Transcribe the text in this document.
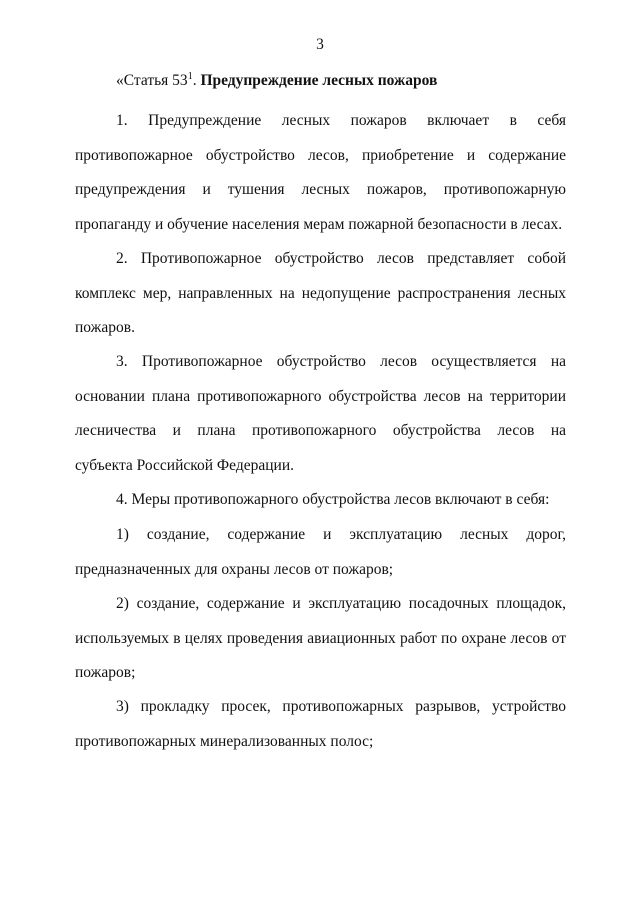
3
«Статья $53^1$. Предупреждение лесных пожаров
1. Предупреждение лесных пожаров включает в себя
противопожарное обустройство лесов, приобретение и содержание
предупреждения и тушения лесных пожаров, противопожарную
пропаганду и обучение населения мерам пожарной безопасности в лесах.
2. Противопожарное обустройство лесов представляет собой
комплекс мер, направленных на недопущение распространения лесных
пожаров.
3. Противопожарное обустройство лесов осуществляется на
основании плана противопожарного обустройства лесов на территории
лесничества и плана противопожарного обустройства лесов на
субъекта Российской Федерации.
4. Меры противопожарного обустройства лесов включают в себя:
1) создание, содержание и эксплуатацию лесных дорог,
предназначенных для охраны лесов от пожаров;
2) создание, содержание и эксплуатацию посадочных площадок,
используемых в целях проведения авиационных работ по охране лесов от
пожаров;
3) прокладку просек, противопожарных разрывов, устройство
противопожарных минерализованных полос;
